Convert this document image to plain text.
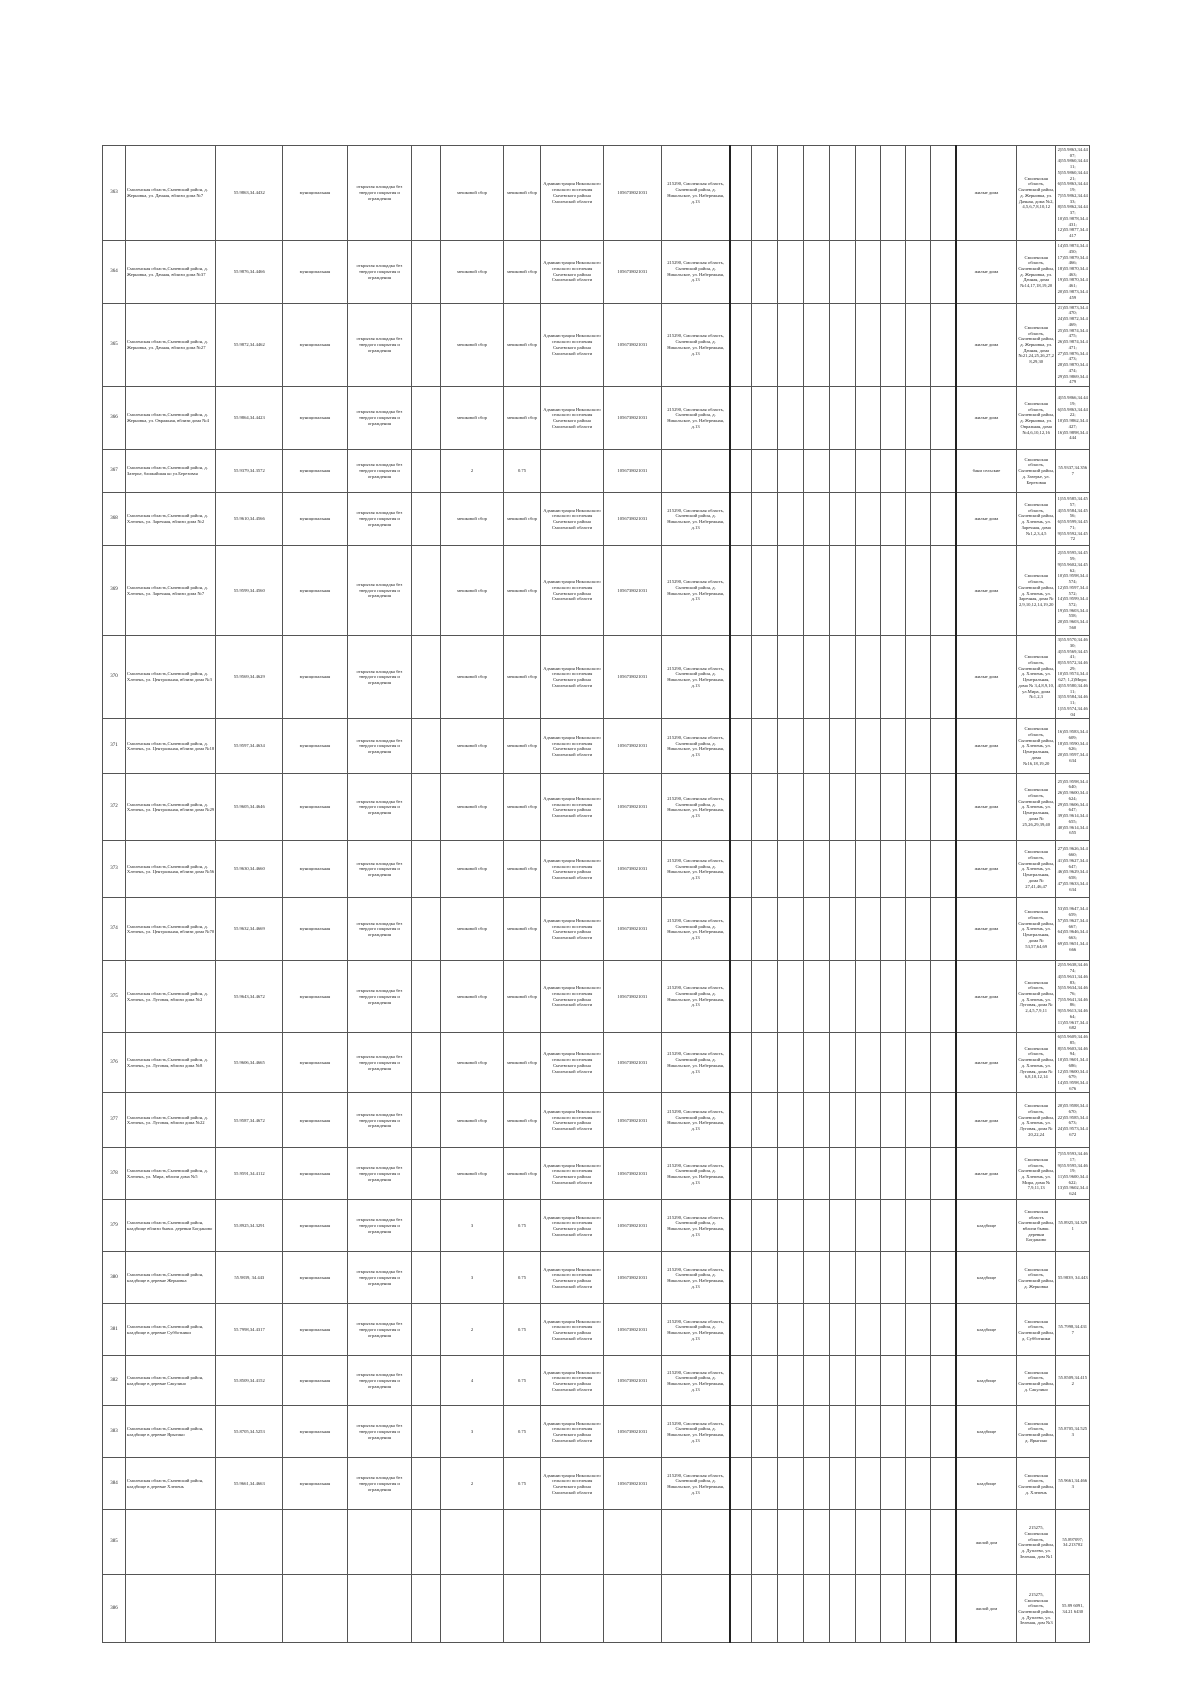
363	Смоленская область,Сычевский район, д. Жерновка, ул. Дачная, вблизи дома №7	55.9863,34.4432	муниципальная	открытая площадка без твердого покрытия и ограждения		мешковой сбор	мешковой сбор	Администрация Никольского сельского поселения Сычевского района Смоленской области	1056738021031	215290, Смоленская область, Сычевский район, д. Никольское, ул. Набережная, д.13										жилые дома	Смоленская область, Сычевский район, д. Жерновка, ул. Дачная, дома №2, 4,5,6,7,8,10,12	2)55.9863,34.4407; 4)55.9860,34.4411; 5)55.9860,34.4421; 6)55.9863,34.4419; 7)55.9862,34.4433; 8)55.9862,34.4437; 10)55.9878,34.4431; 12)55.9877,34.4417
364	Смоленская область,Сычевский район, д. Жерновка, ул. Дачная, вблизи дома №37	55.9876,34.4466	муниципальная	открытая площадка без твердого покрытия и ограждения		мешковой сбор	мешковой сбор	Администрация Никольского сельского поселения Сычевского района Смоленской области	1056738021031	215290, Смоленская область, Сычевский район, д. Никольское, ул. Набережная, д.13										жилые дома	Смоленская область, Сычевский район, д. Жерновка, ул. Дачная, дома №14,17,18,19,20	14)55.9874,34.4450; 17)55.9879,34.4466; 18)55.9870,34.4463; 19)55.9870,34.4461; 20)55.9873,34.4459
365	Смоленская область,Сычевский район, д. Жерновка, ул. Дачная, вблизи дома №27	55.9872,34.4462	муниципальная	открытая площадка без твердого покрытия и ограждения		мешковой сбор	мешковой сбор	Администрация Никольского сельского поселения Сычевского района Смоленской области	1056738021031	215290, Смоленская область, Сычевский район, д. Никольское, ул. Набережная, д.13										жилые дома	Смоленская область, Сычевский район, д. Жерновка, ул. Дачная, дома №21,24,25,26,27,28,29,30	21)55.9873,34.4470; 24)55.9872,34.4469; 25)55.9874,34.4475; 26)55.9874,34.4471; 27)55.9876,34.4473; 28)55.9870,34.4474; 29)55.9869,34.4479
366	Смоленская область,Сычевский район, д. Жерновка, ул. Овражная, вблизи дома №4	55.9864,34.4423	муниципальная	открытая площадка без твердого покрытия и ограждения		мешковой сбор	мешковой сбор	Администрация Никольского сельского поселения Сычевского района Смоленской области	1056738021031	215290, Смоленская область, Сычевский район, д. Никольское, ул. Набережная, д.13										жилые дома	Смоленская область, Сычевский район, д. Жерновка, ул. Овражная, дома №4,6,10,12,16	4)55.9866,34.4419; 6)55.9863,34.4422; 10)55.9862,34.4427; 16)55.9898,34.4444
367	Смоленская область,Сычевский район, д. Зазерье, ближайшая ко ул.Березовая	55.9379,34.3572	муниципальная	открытая площадка без твердого покрытия и ограждения		2	0.75		1056738021031											бани сельские	Смоленская область, Сычевский район, д. Зазерье, ул. Березовая	55.9337,34.3567
368	Смоленская область,Сычевский район, д. Хлепень, ул. Заречная, вблизи дома №2	55.9610,34.4566	муниципальная	открытая площадка без твердого покрытия и ограждения		мешковой сбор	мешковой сбор	Администрация Никольского сельского поселения Сычевского района Смоленской области	1056738021031	215290, Смоленская область, Сычевский район, д. Никольское, ул. Набережная, д.13										жилые дома	Смоленская область, Сычевский район, д. Хлепень, ул. Заречная, дома №1,2,3,4,5	1)55.9585,34.4557; 4)55.9584,34.4556; 6)55.9599,34.4571; 9)55.9592,34.4572
369	Смоленская область,Сычевский район, д. Хлепень, ул. Заречная, вблизи дома №7	55.9599,34.4560	муниципальная	открытая площадка без твердого покрытия и ограждения		мешковой сбор	мешковой сбор	Администрация Никольского сельского поселения Сычевского района Смоленской области	1056738021031	215290, Смоленская область, Сычевский район, д. Никольское, ул. Набережная, д.13										жилые дома	Смоленская область, Сычевский район, д. Хлепень, ул. Заречная, дома № 2,9,10,12,14,19,20	2)55.9595,34.4559; 9)55.9602,34.4562; 10)55.9598,34.4574; 12)55.9597,34.4572; 14)55.9599,34.4572; 19)55.9603,34.4558; 20)55.9603,34.4560
370	Смоленская область,Сычевский район, д. Хлепень, ул. Центральная, вблизи дома №3	55.9569,34.4629	муниципальная	открытая площадка без твердого покрытия и ограждения		мешковой сбор	мешковой сбор	Администрация Никольского сельского поселения Сычевского района Смоленской области	1056738021031	215290, Смоленская область, Сычевский район, д. Никольское, ул. Набережная, д.13										жилые дома	Смоленская область, Сычевский район, д. Хлепень, ул. Центральная, дома № 3,4,8,9,10, ул.Мира, дома №1,2,3	3)55.9570,34.4630; 4)55.9569,34.4541; 8)55.9572,34.4629; 10)55.9574,34.4627; 1,2)Мира; 4)55.9580,34.4611; 3)55.9584,34.4611; 1)55.9574,34.4604
371	Смоленская область,Сычевский район, д. Хлепень, ул. Центральная, вблизи дома №18	55.9597,34.4634	муниципальная	открытая площадка без твердого покрытия и ограждения		мешковой сбор	мешковой сбор	Администрация Никольского сельского поселения Сычевского района Смоленской области	1056738021031	215290, Смоленская область, Сычевский район, д. Никольское, ул. Набережная, д.13										жилые дома	Смоленская область, Сычевский район, д. Хлепень, ул. Центральная, дома №16,18,19,20	16)55.9583,34.4609; 18)55.9590,34.4626; 20)55.9597,34.4634
372	Смоленская область,Сычевский район, д. Хлепень, ул. Центральная, вблизи дома №29	55.9605,34.4646	муниципальная	открытая площадка без твердого покрытия и ограждения		мешковой сбор	мешковой сбор	Администрация Никольского сельского поселения Сычевского района Смоленской области	1056738021031	215290, Смоленская область, Сычевский район, д. Никольское, ул. Набережная, д.13										жилые дома	Смоленская область, Сычевский район, д. Хлепень, ул. Центральная, дома № 25,26,29,39,40	25)55.9598,34.4640; 26)55.9600,34.4624; 29)55.9606,34.4647; 39)55.9614,34.4655; 40)55.9614,34.4655
373	Смоленская область,Сычевский район, д. Хлепень, ул. Центральная, вблизи дома №56	55.9630,34.4660	муниципальная	открытая площадка без твердого покрытия и ограждения		мешковой сбор	мешковой сбор	Администрация Никольского сельского поселения Сычевского района Смоленской области	1056738021031	215290, Смоленская область, Сычевский район, д. Никольское, ул. Набережная, д.13										жилые дома	Смоленская область, Сычевский район, д. Хлепень, ул. Центральная, дома № 27,41,46,47	27)55.9626,34.4660; 41)55.9627,34.4647; 46)55.9629,34.4658; 47)55.9633,34.4634
374	Смоленская область,Сычевский район, д. Хлепень, ул. Центральная, вблизи дома №70	55.9632,34.4669	муниципальная	открытая площадка без твердого покрытия и ограждения		мешковой сбор	мешковой сбор	Администрация Никольского сельского поселения Сычевского района Смоленской области	1056738021031	215290, Смоленская область, Сычевский район, д. Никольское, ул. Набережная, д.13										жилые дома	Смоленская область, Сычевский район, д. Хлепень, ул. Центральная, дома № 53,57,64,69	53)55.9647,34.4659; 57)55.9627,34.4667; 64)55.9646,34.4663; 69)55.9651,34.4666
375	Смоленская область,Сычевский район, д. Хлепень, ул. Луговая, вблизи дома №2	55.9643,34.4672	муниципальная	открытая площадка без твердого покрытия и ограждения		мешковой сбор	мешковой сбор	Администрация Никольского сельского поселения Сычевского района Смоленской области	1056738021031	215290, Смоленская область, Сычевский район, д. Никольское, ул. Набережная, д.13										жилые дома	Смоленская область, Сычевский район, д. Хлепень, ул. Луговая, дома № 2,4,5,7,9,11	2)55.9638,34.4674; 4)55.9631,34.4683; 5)55.9634,34.4676; 7)55.9641,34.4686; 9)55.9613,34.4664; 11)55.9617,34.4682
376	Смоленская область,Сычевский район, д. Хлепень, ул. Луговая, вблизи дома №8	55.9606,34.4665	муниципальная	открытая площадка без твердого покрытия и ограждения		мешковой сбор	мешковой сбор	Администрация Никольского сельского поселения Сычевского района Смоленской области	1056738021031	215290, Смоленская область, Сычевский район, д. Никольское, ул. Набережная, д.13										жилые дома	Смоленская область, Сычевский район, д. Хлепень, ул. Луговая, дома № 6,8,10,12,14	6)55.9609,34.4685; 8)55.9603,34.4694; 10)55.9601,34.4686; 12)55.9600,34.4679; 14)55.9598,34.4676
377	Смоленская область,Сычевский район, д. Хлепень, ул. Луговая, вблизи дома №22	55.9587,34.4672	муниципальная	открытая площадка без твердого покрытия и ограждения		мешковой сбор	мешковой сбор	Администрация Никольского сельского поселения Сычевского района Смоленской области	1056738021031	215290, Смоленская область, Сычевский район, д. Никольское, ул. Набережная, д.13										жилые дома	Смоленская область, Сычевский район, д. Хлепень, ул. Луговая, дома № 20,22,24	20)55.9588,34.4670; 22)55.9585,34.4673; 24)55.9573,34.4672
378	Смоленская область,Сычевский район, д. Хлепень, ул. Мира, вблизи дома №5	55.9591,34.4112	муниципальная	открытая площадка без твердого покрытия и ограждения		мешковой сбор	мешковой сбор	Администрация Никольского сельского поселения Сычевского района Смоленской области	1056738021031	215290, Смоленская область, Сычевский район, д. Никольское, ул. Набережная, д.13										жилые дома	Смоленская область, Сычевский район, д. Хлепень, ул. Мира, дома № 7,9,11,13	7)55.9593,34.4617; 9)55.9595,34.4619; 11)55.9600,34.4622; 13)55.9602,34.4624
379	Смоленская область,Сычевский район, кладбище вблизи бывш. деревни Богданово	55.8925,34.3291	муниципальная	открытая площадка без твердого покрытия и ограждения		3	0.75	Администрация Никольского сельского поселения Сычевского района Смоленской области	1056738021031	215290, Смоленская область, Сычевский район, д. Никольское, ул. Набережная, д.13										кладбище	Смоленская область Сычевский район, вблизи бывш. деревни Богданово	55.8925,34.3291
380	Смоленская область,Сычевский район, кладбище в деревне Жерновка	55.9839, 34.443	муниципальная	открытая площадка без твердого покрытия и ограждения		3	0.75	Администрация Никольского сельского поселения Сычевского района Смоленской области	1056738021031	215290, Смоленская область, Сычевский район, д. Никольское, ул. Набережная, д.13										кладбище	Смоленская область, Сычевский район, д. Жерновка	55.9839, 34.443
381	Смоленская область,Сычевский район, кладбище в деревне Субботники	55.7998,34.4317	муниципальная	открытая площадка без твердого покрытия и ограждения		2	0.75	Администрация Никольского сельского поселения Сычевского района Смоленской области	1056738021031	215290, Смоленская область, Сычевский район, д. Никольское, ул. Набережная, д.13										кладбище	Смоленская область, Сычевский район, д. Субботники	55.7998,34.4317
382	Смоленская область,Сычевский район, кладбище в деревне Сакулино	55.8509,34.4152	муниципальная	открытая площадка без твердого покрытия и ограждения		4	0.75	Администрация Никольского сельского поселения Сычевского района Смоленской области	1056738021031	215290, Смоленская область, Сычевский район, д. Никольское, ул. Набережная, д.13										кладбище	Смоленская область, Сычевский район, д. Сакулино	55.8509,34.4152
383	Смоленская область,Сычевский район, кладбище в деревне Ярыгино	55.8705,34.5253	муниципальная	открытая площадка без твердого покрытия и ограждения		3	0.75	Администрация Никольского сельского поселения Сычевского района Смоленской области	1056738021031	215290, Смоленская область, Сычевский район, д. Никольское, ул. Набережная, д.13										кладбище	Смоленская область, Сычевский район, д. Ярыгино	55.8705,34.5253
384	Смоленская область,Сычевский район, кладбище в деревне Хлепень	55.9661,34.4663	муниципальная	открытая площадка без твердого покрытия и ограждения		2	0.75	Администрация Никольского сельского поселения Сычевского района Смоленской области	1056738021031	215290, Смоленская область, Сычевский район, д. Никольское, ул. Набережная, д.13										кладбище	Смоленская область, Сычевский район, д. Хлепень	55.9661,34.4663
385																				жилой дом	215275, Смоленская область, Сычевский район, д. Дуплево, ул. Зеленая, дом №1	55.897097; 34.213702
386																				жилой дом	215275, Смоленская область, Сычевский район, д. Дуплево, ул. Зеленая, дом №3	55.89 6091, 34.21 6430
